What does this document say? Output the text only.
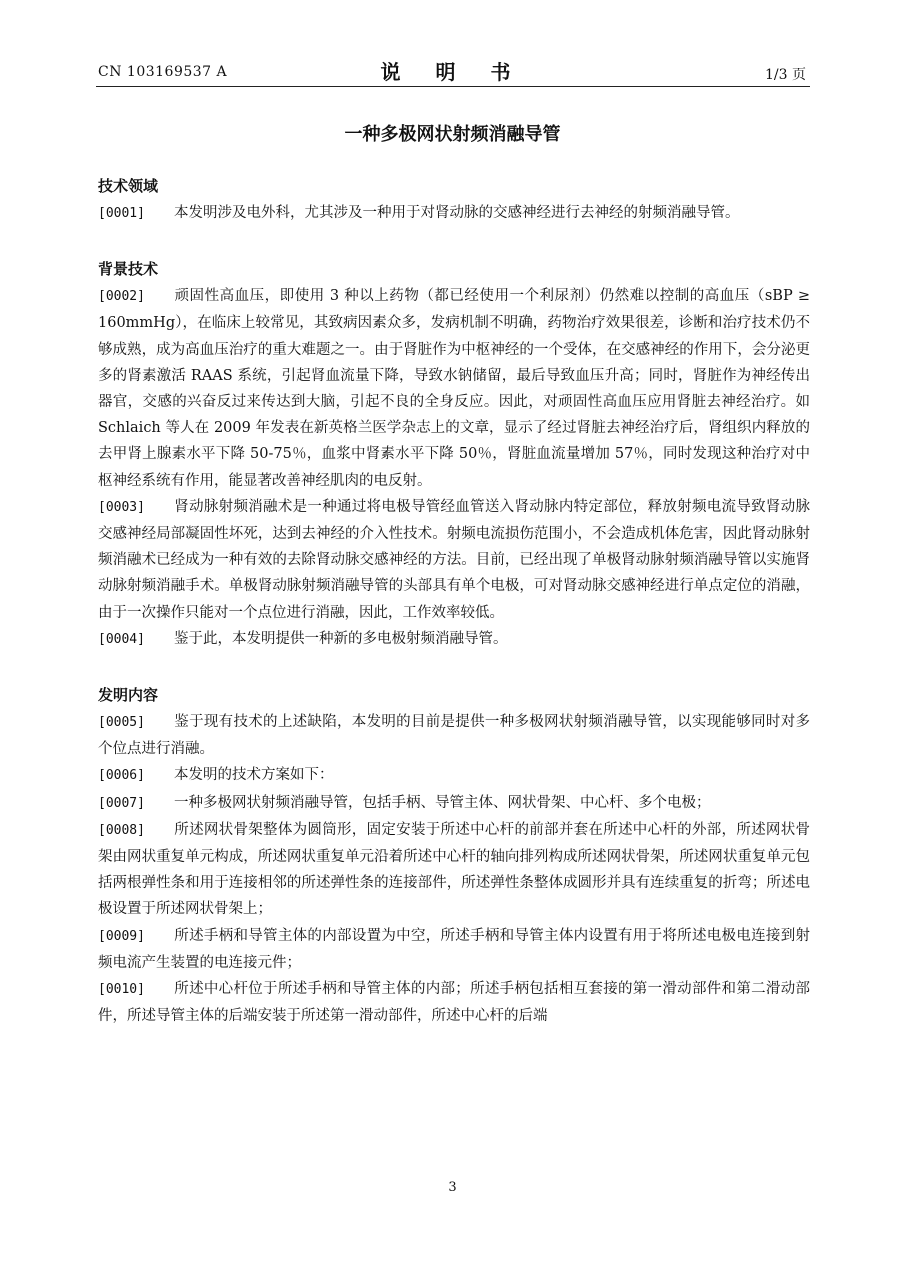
CN 103169537 A	说 明 书	1/3 页
一种多极网状射频消融导管
技术领域

[0001] 本发明涉及电外科，尤其涉及一种用于对肾动脉的交感神经进行去神经的射频消融导管。

背景技术

[0002] 顽固性高血压，即使用 3 种以上药物（都已经使用一个利尿剂）仍然难以控制的高血压（sBP ≥ 160mmHg），在临床上较常见，其致病因素众多，发病机制不明确，药物治疗效果很差，诊断和治疗技术仍不够成熟，成为高血压治疗的重大难题之一。由于肾脏作为中枢神经的一个受体，在交感神经的作用下，会分泌更多的肾素激活 RAAS 系统，引起肾血流量下降，导致水钠储留，最后导致血压升高；同时，肾脏作为神经传出器官，交感的兴奋反过来传达到大脑，引起不良的全身反应。因此，对顽固性高血压应用肾脏去神经治疗。如 Schlaich 等人在 2009 年发表在新英格兰医学杂志上的文章，显示了经过肾脏去神经治疗后，肾组织内释放的去甲肾上腺素水平下降 50-75％，血浆中肾素水平下降 50％，肾脏血流量增加 57％，同时发现这种治疗对中枢神经系统有作用，能显著改善神经肌肉的电反射。

[0003] 肾动脉射频消融术是一种通过将电极导管经血管送入肾动脉内特定部位，释放射频电流导致肾动脉交感神经局部凝固性坏死，达到去神经的介入性技术。射频电流损伤范围小，不会造成机体危害，因此肾动脉射频消融术已经成为一种有效的去除肾动脉交感神经的方法。目前，已经出现了单极肾动脉射频消融导管以实施肾动脉射频消融手术。单极肾动脉射频消融导管的头部具有单个电极，可对肾动脉交感神经进行单点定位的消融，由于一次操作只能对一个点位进行消融，因此，工作效率较低。

[0004] 鉴于此，本发明提供一种新的多电极射频消融导管。

发明内容

[0005] 鉴于现有技术的上述缺陷，本发明的目前是提供一种多极网状射频消融导管，以实现能够同时对多个位点进行消融。

[0006] 本发明的技术方案如下：

[0007] 一种多极网状射频消融导管，包括手柄、导管主体、网状骨架、中心杆、多个电极；

[0008] 所述网状骨架整体为圆筒形，固定安装于所述中心杆的前部并套在所述中心杆的外部，所述网状骨架由网状重复单元构成，所述网状重复单元沿着所述中心杆的轴向排列构成所述网状骨架，所述网状重复单元包括两根弹性条和用于连接相邻的所述弹性条的连接部件，所述弹性条整体成圆形并具有连续重复的折弯；所述电极设置于所述网状骨架上；

[0009] 所述手柄和导管主体的内部设置为中空，所述手柄和导管主体内设置有用于将所述电极电连接到射频电流产生装置的电连接元件；

[0010] 所述中心杆位于所述手柄和导管主体的内部；所述手柄包括相互套接的第一滑动部件和第二滑动部件，所述导管主体的后端安装于所述第一滑动部件，所述中心杆的后端

3
